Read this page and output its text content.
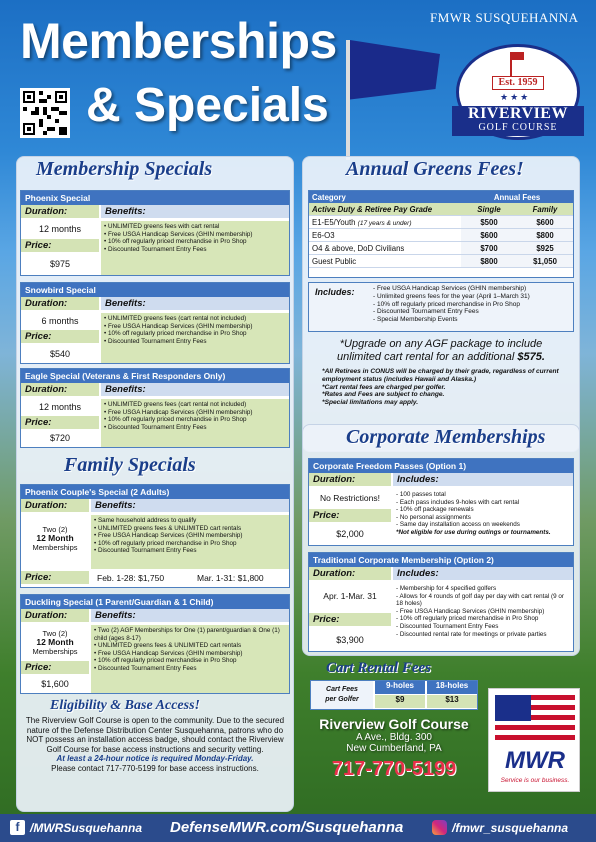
Memberships
& Specials
FMWR SUSQUEHANNA
Est. 1959
★★★
RIVERVIEW
GOLF COURSE
Membership Specials
Phoenix Special
Duration:	Benefits:
12 months
Price:
$975
• UNLIMITED greens fees with cart rental
• Free USGA Handicap Services (GHIN membership)
• 10% off regularly priced merchandise in Pro Shop
• Discounted Tournament Entry Fees
Snowbird Special
Duration:	Benefits:
6 months
Price:
$540
• UNLIMITED greens fees (cart rental not included)
• Free USGA Handicap Services (GHIN membership)
• 10% off regularly priced merchandise in Pro Shop
• Discounted Tournament Entry Fees
Eagle Special (Veterans & First Responders Only)
Duration:	Benefits:
12 months
Price:
$720
• UNLIMITED greens fees (cart rental not included)
• Free USGA Handicap Services (GHIN membership)
• 10% off regularly priced merchandise in Pro Shop
• Discounted Tournament Entry Fees
Family Specials
Phoenix Couple's Special (2 Adults)
Duration:	Benefits:
Two (2)
12 Month
Memberships
• Same household address to qualify
• UNLIMITED greens fees & UNLIMITED cart rentals
• Free USGA Handicap Services (GHIN membership)
• 10% off regularly priced merchandise in Pro Shop
• Discounted Tournament Entry Fees
Price:	Feb. 1-28: $1,750	Mar. 1-31: $1,800
Duckling Special (1 Parent/Guardian & 1 Child)
Duration:	Benefits:
Two (2)
12 Month
Memberships
Price:
$1,600
• Two (2) AGF Memberships for One (1) parent/guardian & One (1) child (ages 8-17)
• UNLIMITED greens fees & UNLIMITED cart rentals
• Free USGA Handicap Services (GHIN membership)
• 10% off regularly priced merchandise in Pro Shop
• Discounted Tournament Entry Fees
Eligibility & Base Access!
The Riverview Golf Course is open to the community. Due to the secured nature of the Defense Distribution Center Susquehanna, patrons who do NOT possess an installation access badge, should contact the Riverview Golf Course for base access instructions and security vetting.
At least a 24-hour notice is required Monday-Friday.
Please contact 717-770-5199 for base access instructions.
Annual Greens Fees!
Category	Annual Fees	
Active Duty & Retiree Pay Grade	Single	Family
E1-E5/Youth (17 years & under)	$500	$600
E6-O3	$600	$800
O4 & above, DoD Civilians	$700	$925
Guest Public	$800	$1,050
Includes:	- Free USGA Handicap Services (GHIN membership)
- Unlimited greens fees for the year (April 1–March 31)
- 10% off regularly priced merchandise in Pro Shop
- Discounted Tournament Entry Fees
- Special Membership Events
*Upgrade on any AGF package to include
unlimited cart rental for an additional $575.
*All Retirees in CONUS will be charged by their grade, regardless of current employment status (includes Hawaii and Alaska.)
*Cart rental fees are charged per golfer.
*Rates and Fees are subject to change.
*Special limitations may apply.
Corporate Memberships
Corporate Freedom Passes (Option 1)
Duration:	Includes:
No Restrictions!
Price:
$2,000
- 100 passes total
- Each pass includes 9-holes with cart rental
- 10% off package renewals
- No personal assignments
- Same day installation access on weekends
*Not eligible for use during outings or tournaments.
Traditional Corporate Membership (Option 2)
Duration:	Includes:
Apr. 1-Mar. 31
Price:
$3,900
- Membership for 4 specified golfers
- Allows for 4 rounds of golf day per day with cart rental (9 or 18 holes)
- Free USGA Handicap Services (GHIN membership)
- 10% off regularly priced merchandise in Pro Shop
- Discounted Tournament Entry Fees
- Discounted rental rate for meetings or private parties
Cart Rental Fees
Cart Fees
per Golfer
9-holes	18-holes
$9	$13
Riverview Golf Course
A Ave., Bldg. 300
New Cumberland, PA
717-770-5199	MWR
Service is our business.
f /MWRSusquehanna DefenseMWR.com/Susquehanna	/fmwr_susquehanna
